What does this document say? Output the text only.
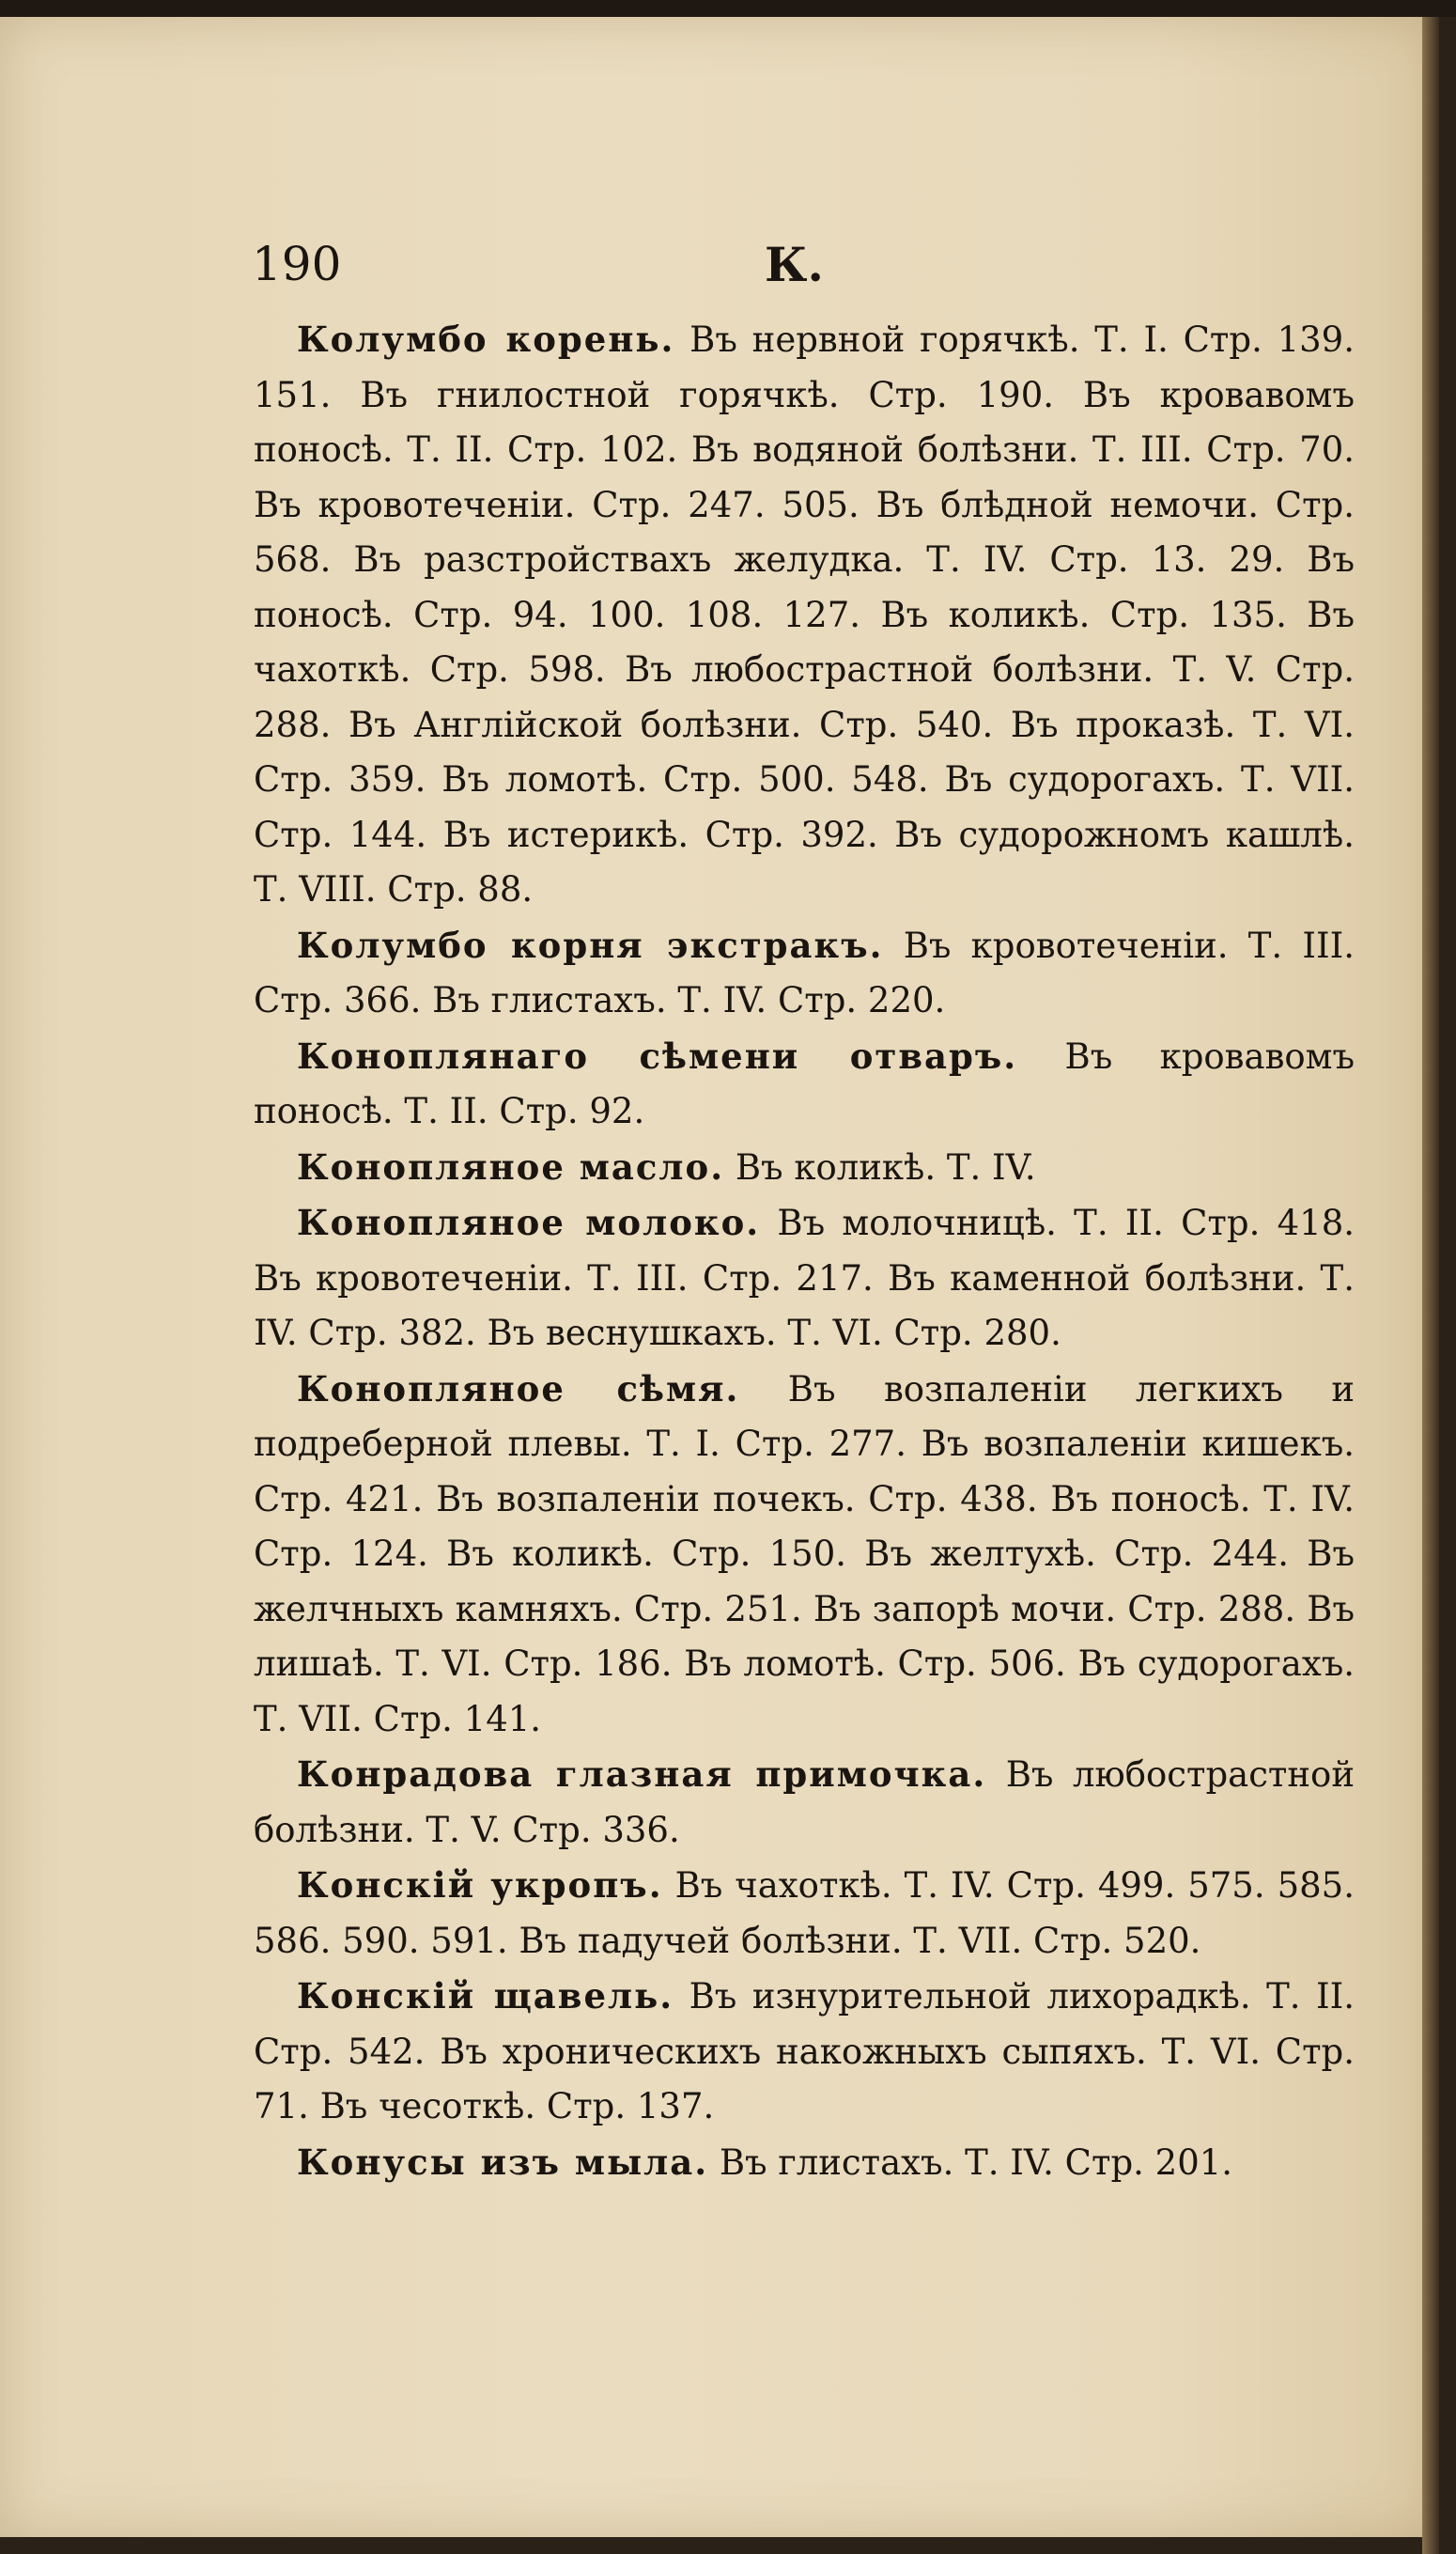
190	К.

Колумбо корень. Въ нервной горячкѣ. Т. I. Стр. 139. 151. Въ гнилостной горячкѣ. Стр. 190. Въ кровавомъ поносѣ. Т. II. Стр. 102. Въ водяной болѣзни. Т. III. Стр. 70. Въ кровотеченіи. Стр. 247. 505. Въ блѣдной немочи. Стр. 568. Въ разстройствахъ желудка. Т. IV. Стр. 13. 29. Въ поносѣ. Стр. 94. 100. 108. 127. Въ коликѣ. Стр. 135. Въ чахоткѣ. Стр. 598. Въ любострастной болѣзни. Т. V. Стр. 288. Въ Англійской болѣзни. Стр. 540. Въ проказѣ. Т. VI. Стр. 359. Въ ломотѣ. Стр. 500. 548. Въ судорогахъ. Т. VII. Стр. 144. Въ истерикѣ. Стр. 392. Въ судорожномъ кашлѣ. Т. VIII. Стр. 88.

Колумбо корня экстракъ. Въ кровотеченіи. Т. III. Стр. 366. Въ глистахъ. Т. IV. Стр. 220.

Коноплянаго сѣмени отваръ. Въ кровавомъ поносѣ. Т. II. Стр. 92.

Конопляное масло. Въ коликѣ. Т. IV.

Конопляное молоко. Въ молочницѣ. Т. II. Стр. 418. Въ кровотеченіи. Т. III. Стр. 217. Въ каменной болѣзни. Т. IV. Стр. 382. Въ веснушкахъ. Т. VI. Стр. 280.

Конопляное сѣмя. Въ возпаленіи легкихъ и подреберной плевы. Т. I. Стр. 277. Въ возпаленіи кишекъ. Стр. 421. Въ возпаленіи почекъ. Стр. 438. Въ поносѣ. Т. IV. Стр. 124. Въ коликѣ. Стр. 150. Въ желтухѣ. Стр. 244. Въ желчныхъ камняхъ. Стр. 251. Въ запорѣ мочи. Стр. 288. Въ лишаѣ. Т. VI. Стр. 186. Въ ломотѣ. Стр. 506. Въ судорогахъ. Т. VII. Стр. 141.

Конрадова глазная примочка. Въ любострастной болѣзни. Т. V. Стр. 336.

Конскій укропъ. Въ чахоткѣ. Т. IV. Стр. 499. 575. 585. 586. 590. 591. Въ падучей болѣзни. Т. VII. Стр. 520.

Конскій щавель. Въ изнурительной лихорадкѣ. Т. II. Стр. 542. Въ хроническихъ накожныхъ сыпяхъ. Т. VI. Стр. 71. Въ чесоткѣ. Стр. 137.

Конусы изъ мыла. Въ глистахъ. Т. IV. Стр. 201.
